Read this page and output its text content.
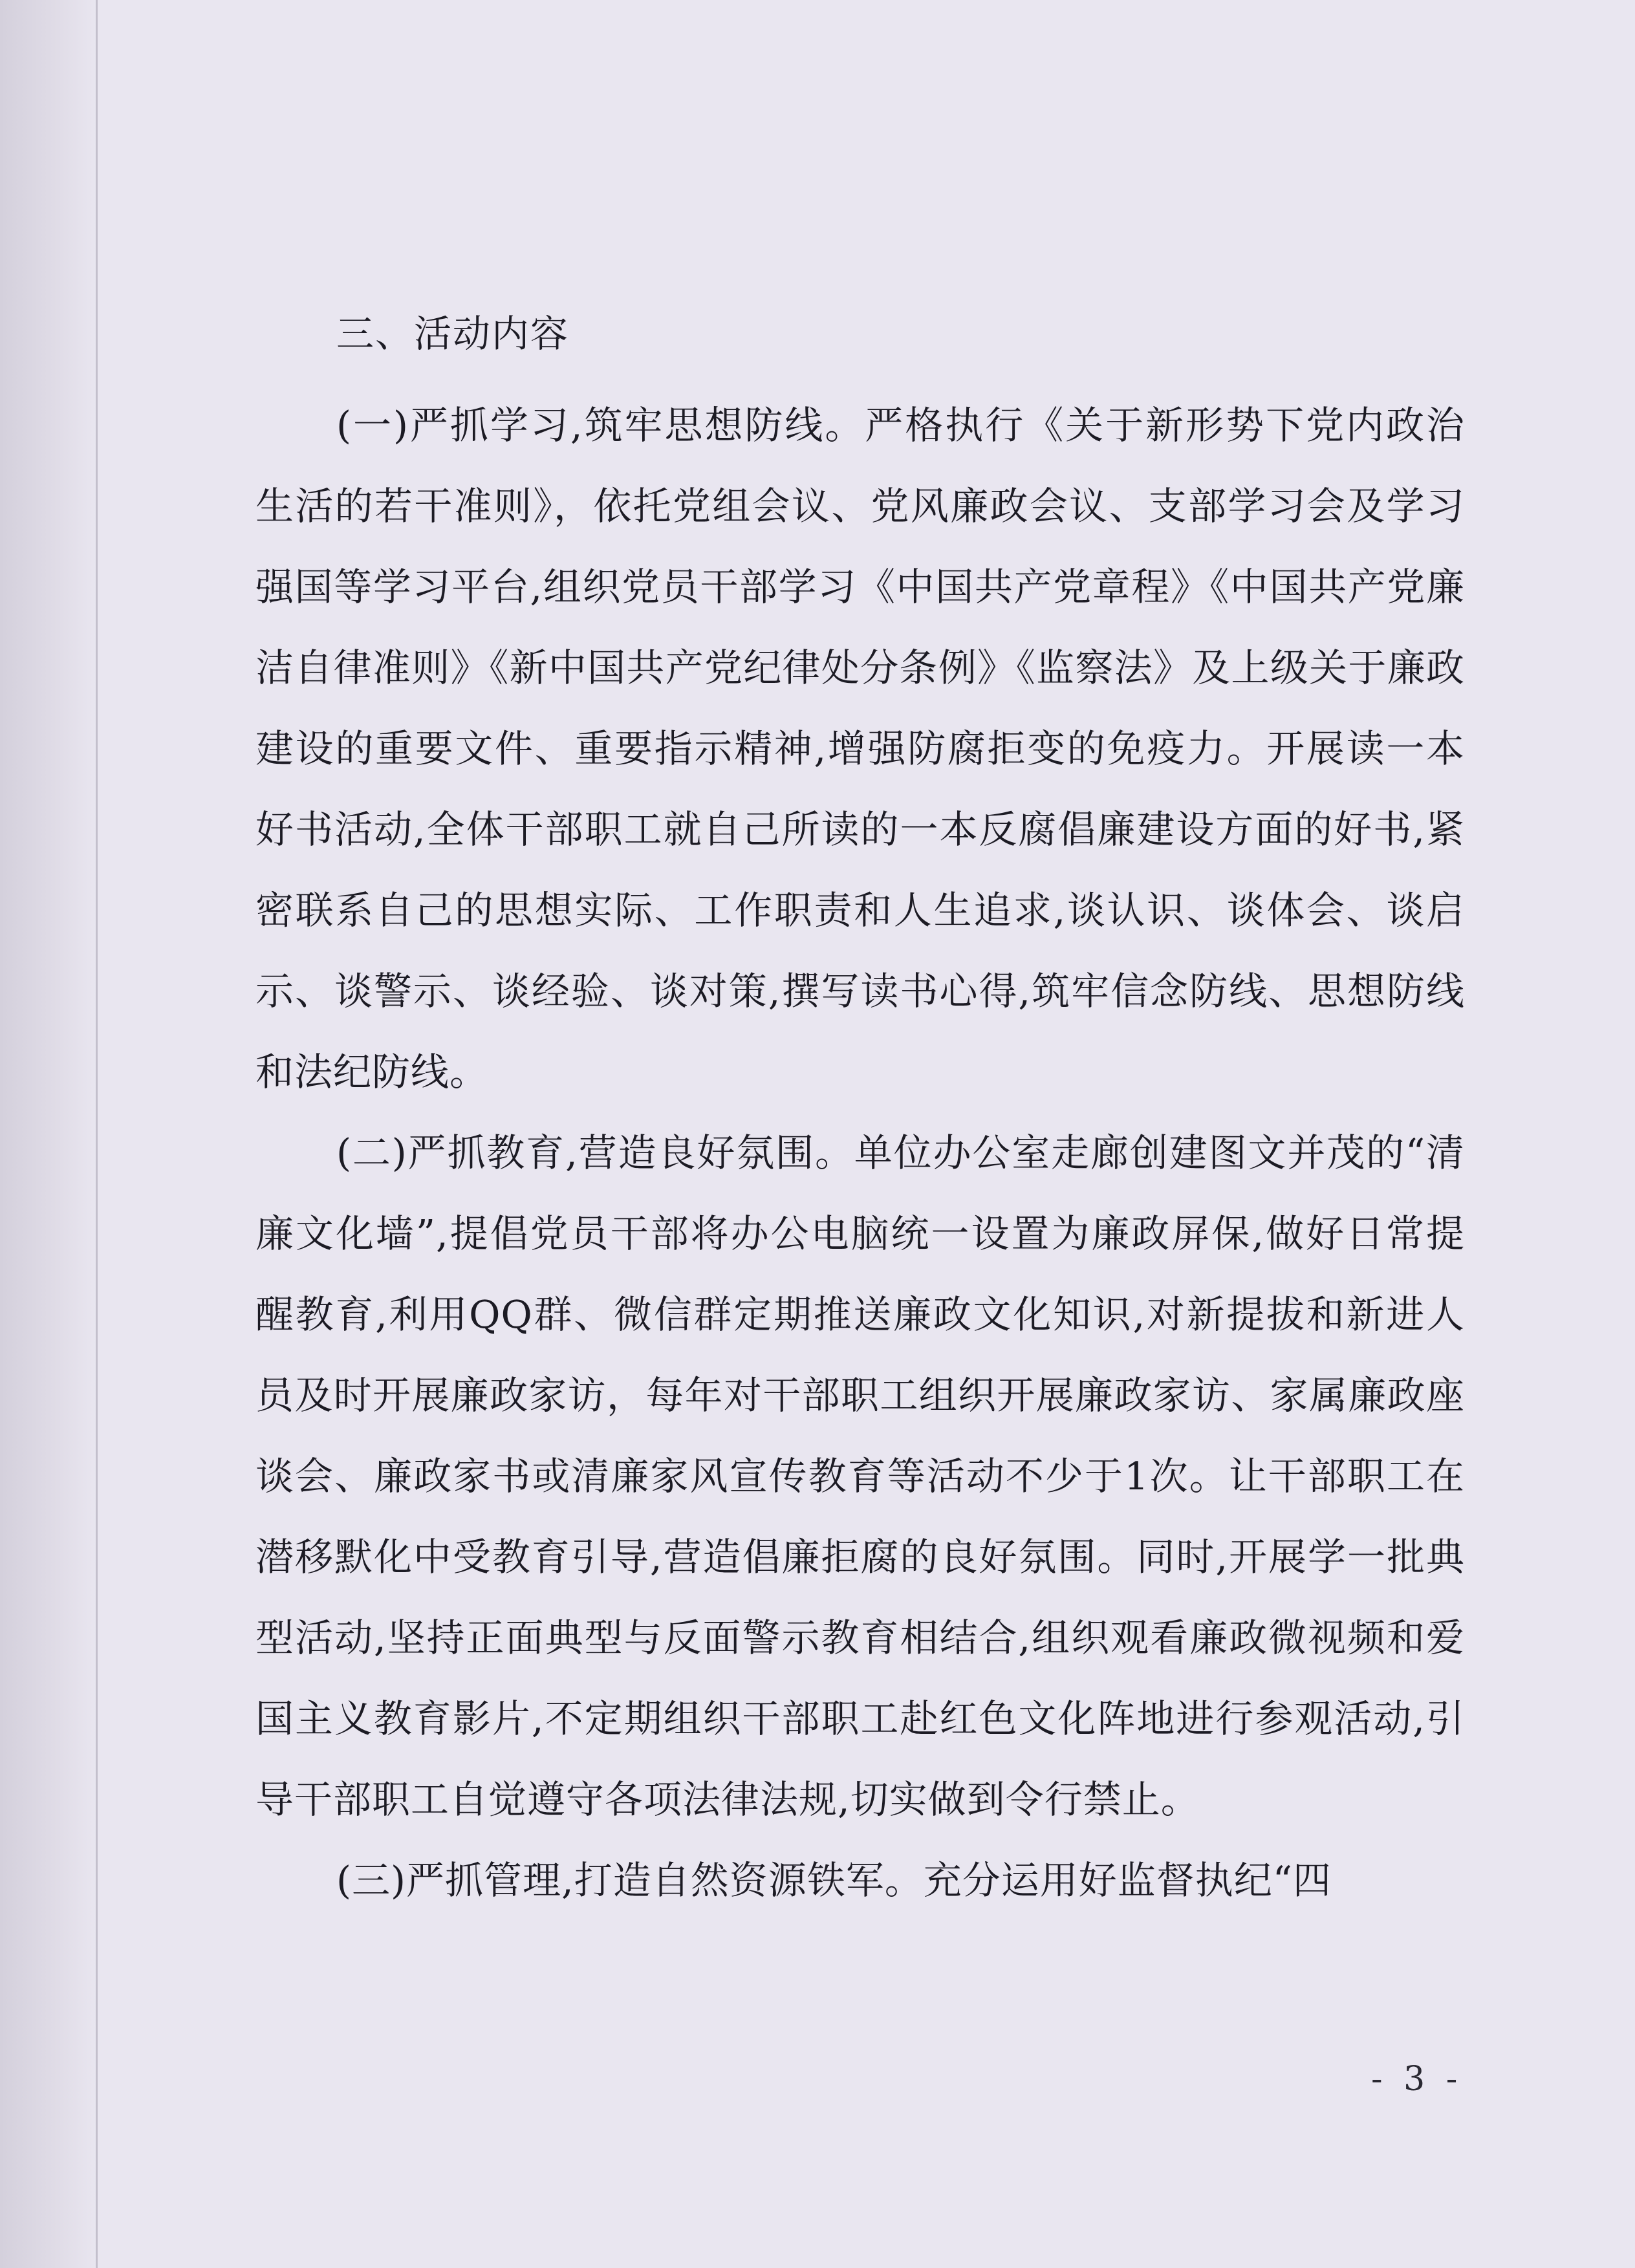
三、活动内容

(一)严抓学习,筑牢思想防线。严格执行《关于新形势下党内政治生活的若干准则》，依托党组会议、党风廉政会议、支部学习会及学习强国等学习平台,组织党员干部学习《中国共产党章程》《中国共产党廉洁自律准则》《新中国共产党纪律处分条例》《监察法》及上级关于廉政建设的重要文件、重要指示精神,增强防腐拒变的免疫力。开展读一本好书活动,全体干部职工就自己所读的一本反腐倡廉建设方面的好书,紧密联系自己的思想实际、工作职责和人生追求,谈认识、谈体会、谈启示、谈警示、谈经验、谈对策,撰写读书心得,筑牢信念防线、思想防线和法纪防线。

(二)严抓教育,营造良好氛围。单位办公室走廊创建图文并茂的“清廉文化墙”,提倡党员干部将办公电脑统一设置为廉政屏保,做好日常提醒教育,利用QQ群、微信群定期推送廉政文化知识,对新提拔和新进人员及时开展廉政家访，每年对干部职工组织开展廉政家访、家属廉政座谈会、廉政家书或清廉家风宣传教育等活动不少于1次。让干部职工在潜移默化中受教育引导,营造倡廉拒腐的良好氛围。同时,开展学一批典型活动,坚持正面典型与反面警示教育相结合,组织观看廉政微视频和爱国主义教育影片,不定期组织干部职工赴红色文化阵地进行参观活动,引导干部职工自觉遵守各项法律法规,切实做到令行禁止。

(三)严抓管理,打造自然资源铁军。充分运用好监督执纪“四

- 3 -
